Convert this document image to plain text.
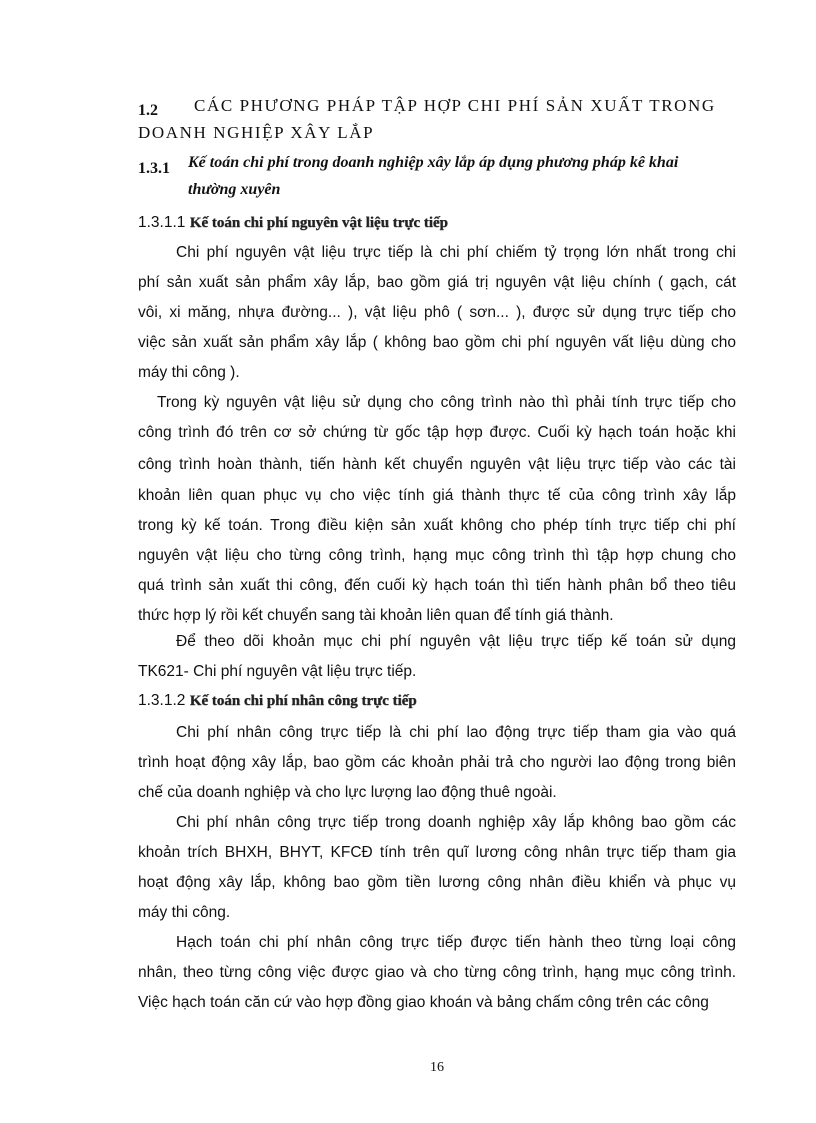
1.2 CÁC PHƯƠNG PHÁP TẬP HỢP CHI PHÍ SẢN XUẤT TRONG
DOANH NGHIỆP XÂY LẮP
1.3.1 Kế toán chi phí trong doanh nghiệp xây lắp áp dụng phương pháp kê khai
thường xuyên
1.3.1.1 Kế toán chi phí nguyên vật liệu trực tiếp
Chi phí nguyên vật liệu trực tiếp là chi phí chiếm tỷ trọng lớn nhất trong chi
phí sản xuất sản phẩm xây lắp, bao gồm giá trị nguyên vật liệu chính ( gạch, cát
vôi, xi măng, nhựa đường... ), vật liệu phô ( sơn... ), được sử dụng trực tiếp cho
việc sản xuất sản phẩm xây lắp ( không bao gồm chi phí nguyên vất liệu dùng cho
máy thi công ).
Trong kỳ nguyên vật liệu sử dụng cho công trình nào thì phải tính trực tiếp cho
công trình đó trên cơ sở chứng từ gốc tập hợp được. Cuối kỳ hạch toán hoặc khi
công trình hoàn thành, tiến hành kết chuyển nguyên vật liệu trực tiếp vào các tài
khoản liên quan phục vụ cho việc tính giá thành thực tế của công trình xây lắp
trong kỳ kế toán. Trong điều kiện sản xuất không cho phép tính trực tiếp chi phí
nguyên vật liệu cho từng công trình, hạng mục công trình thì tập hợp chung cho
quá trình sản xuất thi công, đến cuối kỳ hạch toán thì tiến hành phân bổ theo tiêu
thức hợp lý rồi kết chuyển sang tài khoản liên quan để tính giá thành.
Để theo dõi khoản mục chi phí nguyên vật liệu trực tiếp kế toán sử dụng
TK621- Chi phí nguyên vật liệu trực tiếp.
1.3.1.2 Kế toán chi phí nhân công trực tiếp
Chi phí nhân công trực tiếp là chi phí lao động trực tiếp tham gia vào quá
trình hoạt động xây lắp, bao gồm các khoản phải trả cho người lao động trong biên
chế của doanh nghiệp và cho lực lượng lao động thuê ngoài.
Chi phí nhân công trực tiếp trong doanh nghiệp xây lắp không bao gồm các
khoản trích BHXH, BHYT, KFCĐ tính trên quĩ lương công nhân trực tiếp tham gia
hoạt động xây lắp, không bao gồm tiền lương công nhân điều khiển và phục vụ
máy thi công.
Hạch toán chi phí nhân công trực tiếp được tiến hành theo từng loại công
nhân, theo từng công việc được giao và cho từng công trình, hạng mục công trình.
Việc hạch toán căn cứ vào hợp đồng giao khoán và bảng chấm công trên các công
16
